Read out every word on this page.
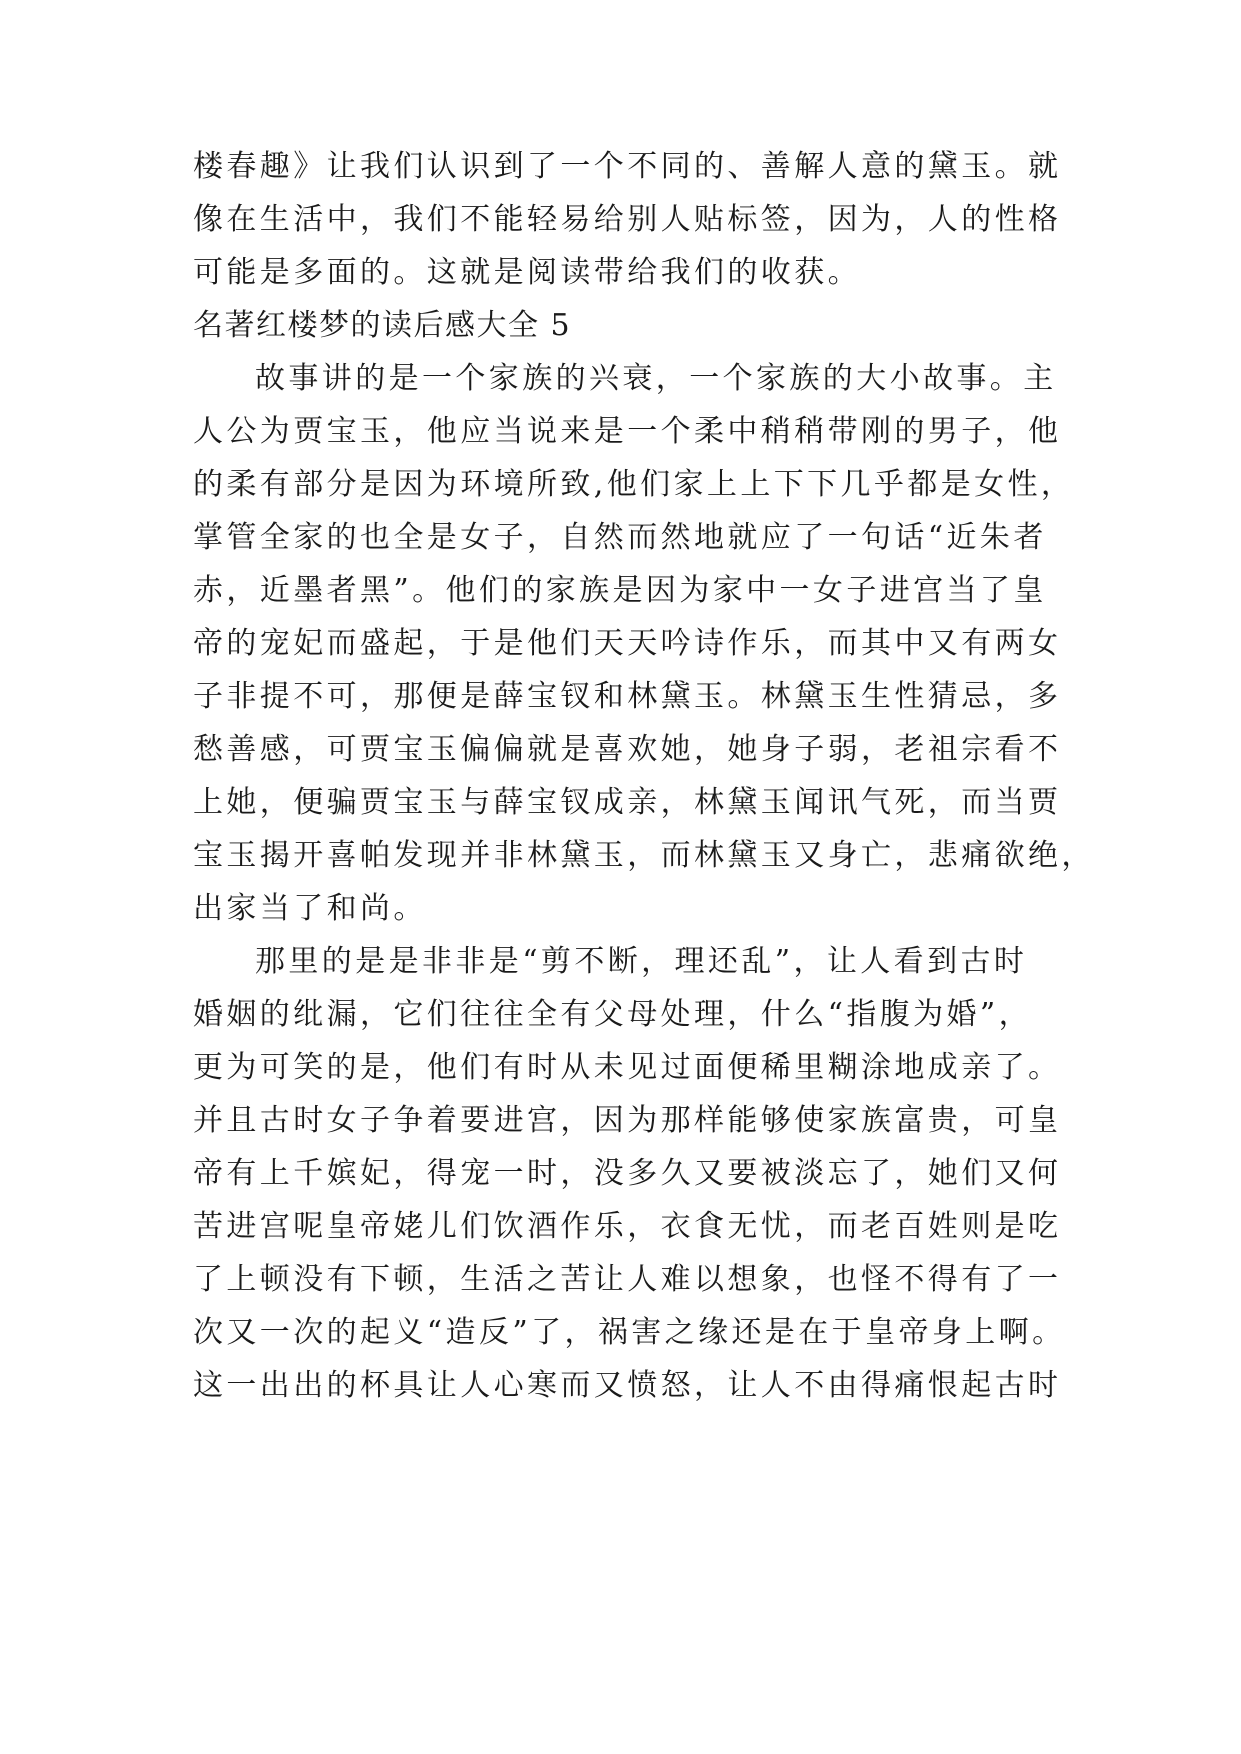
楼春趣》让我们认识到了一个不同的、善解人意的黛玉。就
像在生活中，我们不能轻易给别人贴标签，因为，人的性格
可能是多面的。这就是阅读带给我们的收获。
名著红楼梦的读后感大全 5
故事讲的是一个家族的兴衰，一个家族的大小故事。主
人公为贾宝玉，他应当说来是一个柔中稍稍带刚的男子，他
的柔有部分是因为环境所致,他们家上上下下几乎都是女性，
掌管全家的也全是女子，自然而然地就应了一句话“近朱者
赤，近墨者黑”。他们的家族是因为家中一女子进宫当了皇
帝的宠妃而盛起，于是他们天天吟诗作乐，而其中又有两女
子非提不可，那便是薛宝钗和林黛玉。林黛玉生性猜忌，多
愁善感，可贾宝玉偏偏就是喜欢她，她身子弱，老祖宗看不
上她，便骗贾宝玉与薛宝钗成亲，林黛玉闻讯气死，而当贾
宝玉揭开喜帕发现并非林黛玉，而林黛玉又身亡，悲痛欲绝，
出家当了和尚。
那里的是是非非是“剪不断，理还乱”，让人看到古时
婚姻的纰漏，它们往往全有父母处理，什么“指腹为婚”，
更为可笑的是，他们有时从未见过面便稀里糊涂地成亲了。
并且古时女子争着要进宫，因为那样能够使家族富贵，可皇
帝有上千嫔妃，得宠一时，没多久又要被淡忘了，她们又何
苦进宫呢皇帝姥儿们饮酒作乐，衣食无忧，而老百姓则是吃
了上顿没有下顿，生活之苦让人难以想象，也怪不得有了一
次又一次的起义“造反”了，祸害之缘还是在于皇帝身上啊。
这一出出的杯具让人心寒而又愤怒，让人不由得痛恨起古时
